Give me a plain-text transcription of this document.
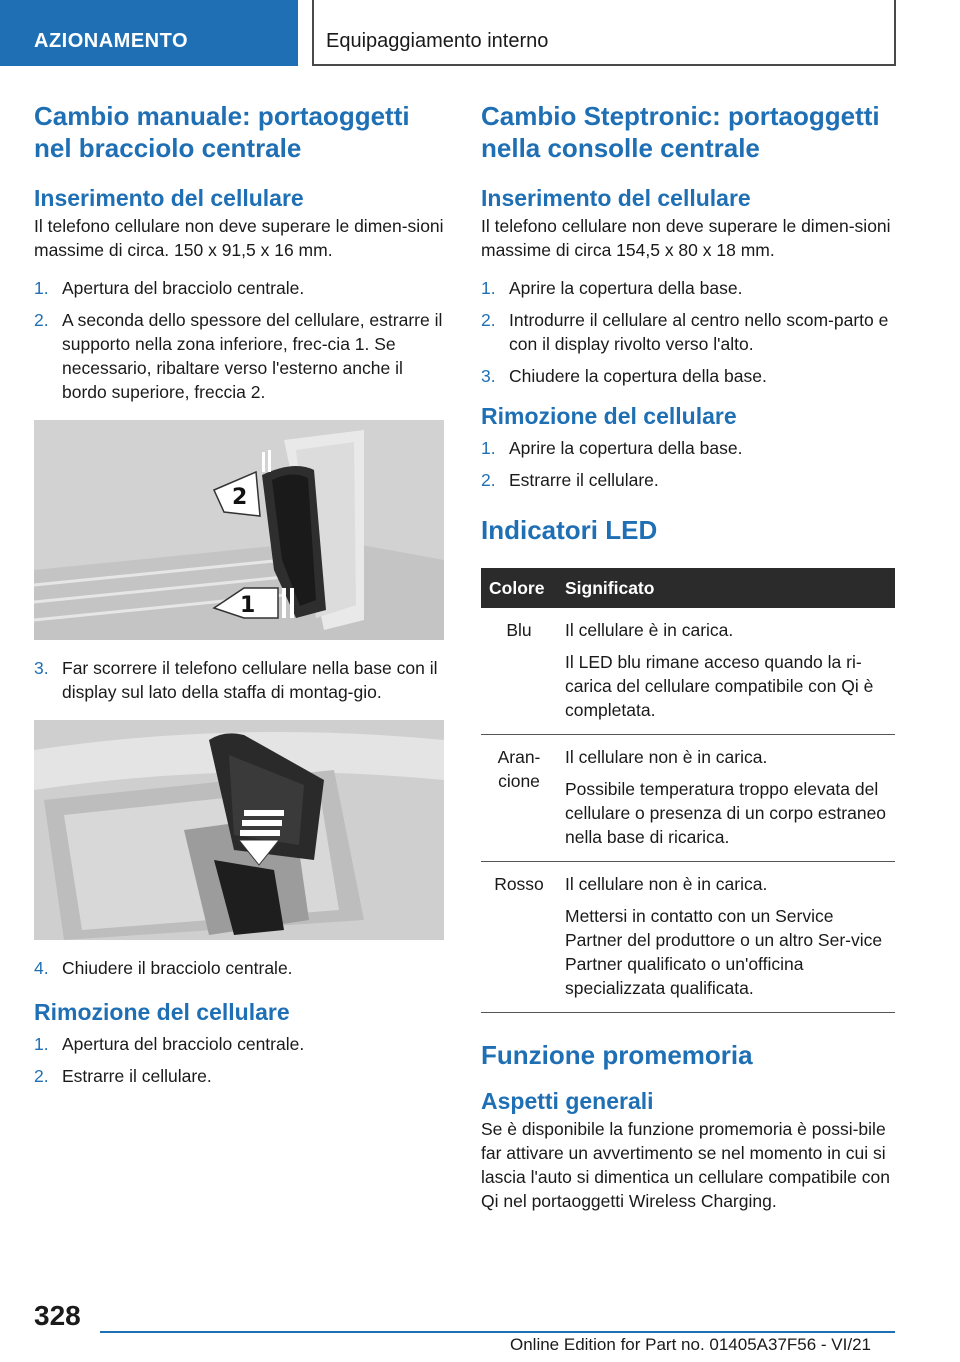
AZIONAMENTO	Equipaggiamento interno
Cambio manuale: portaoggetti nel bracciolo centrale
Inserimento del cellulare

Il telefono cellulare non deve superare le dimen-sioni massime di circa. 150 x 91,5 x 16 mm.

1. Apertura del bracciolo centrale.
2. A seconda dello spessore del cellulare, estrarre il supporto nella zona inferiore, frec-cia 1. Se necessario, ribaltare verso l'esterno anche il bordo superiore, freccia 2.
2
1
3. Far scorrere il telefono cellulare nella base con il display sul lato della staffa di montag-gio.
4. Chiudere il bracciolo centrale.
Rimozione del cellulare
1. Apertura del bracciolo centrale.
2. Estrarre il cellulare.
Cambio Steptronic: portaoggetti nella consolle centrale
Inserimento del cellulare

Il telefono cellulare non deve superare le dimen-sioni massime di circa 154,5 x 80 x 18 mm.

1. Aprire la copertura della base.
2. Introdurre il cellulare al centro nello scom-parto e con il display rivolto verso l'alto.
3. Chiudere la copertura della base.
Rimozione del cellulare
1. Aprire la copertura della base.
2. Estrarre il cellulare.
Indicatori LED
Colore	Significato
Blu	Il cellulare è in carica.

Il LED blu rimane acceso quando la ri-carica del cellulare compatibile con Qi è completata.

Aran-cione	Il cellulare non è in carica.

Possibile temperatura troppo elevata del cellulare o presenza di un corpo estraneo nella base di ricarica.

Rosso	Il cellulare non è in carica.

Mettersi in contatto con un Service Partner del produttore o un altro Ser-vice Partner qualificato o un'officina specializzata qualificata.

Funzione promemoria
Aspetti generali

Se è disponibile la funzione promemoria è possi-bile far attivare un avvertimento se nel momento in cui si lascia l'auto si dimentica un cellulare compatibile con Qi nel portaoggetti Wireless Charging.

328
Online Edition for Part no. 01405A37F56 - VI/21
